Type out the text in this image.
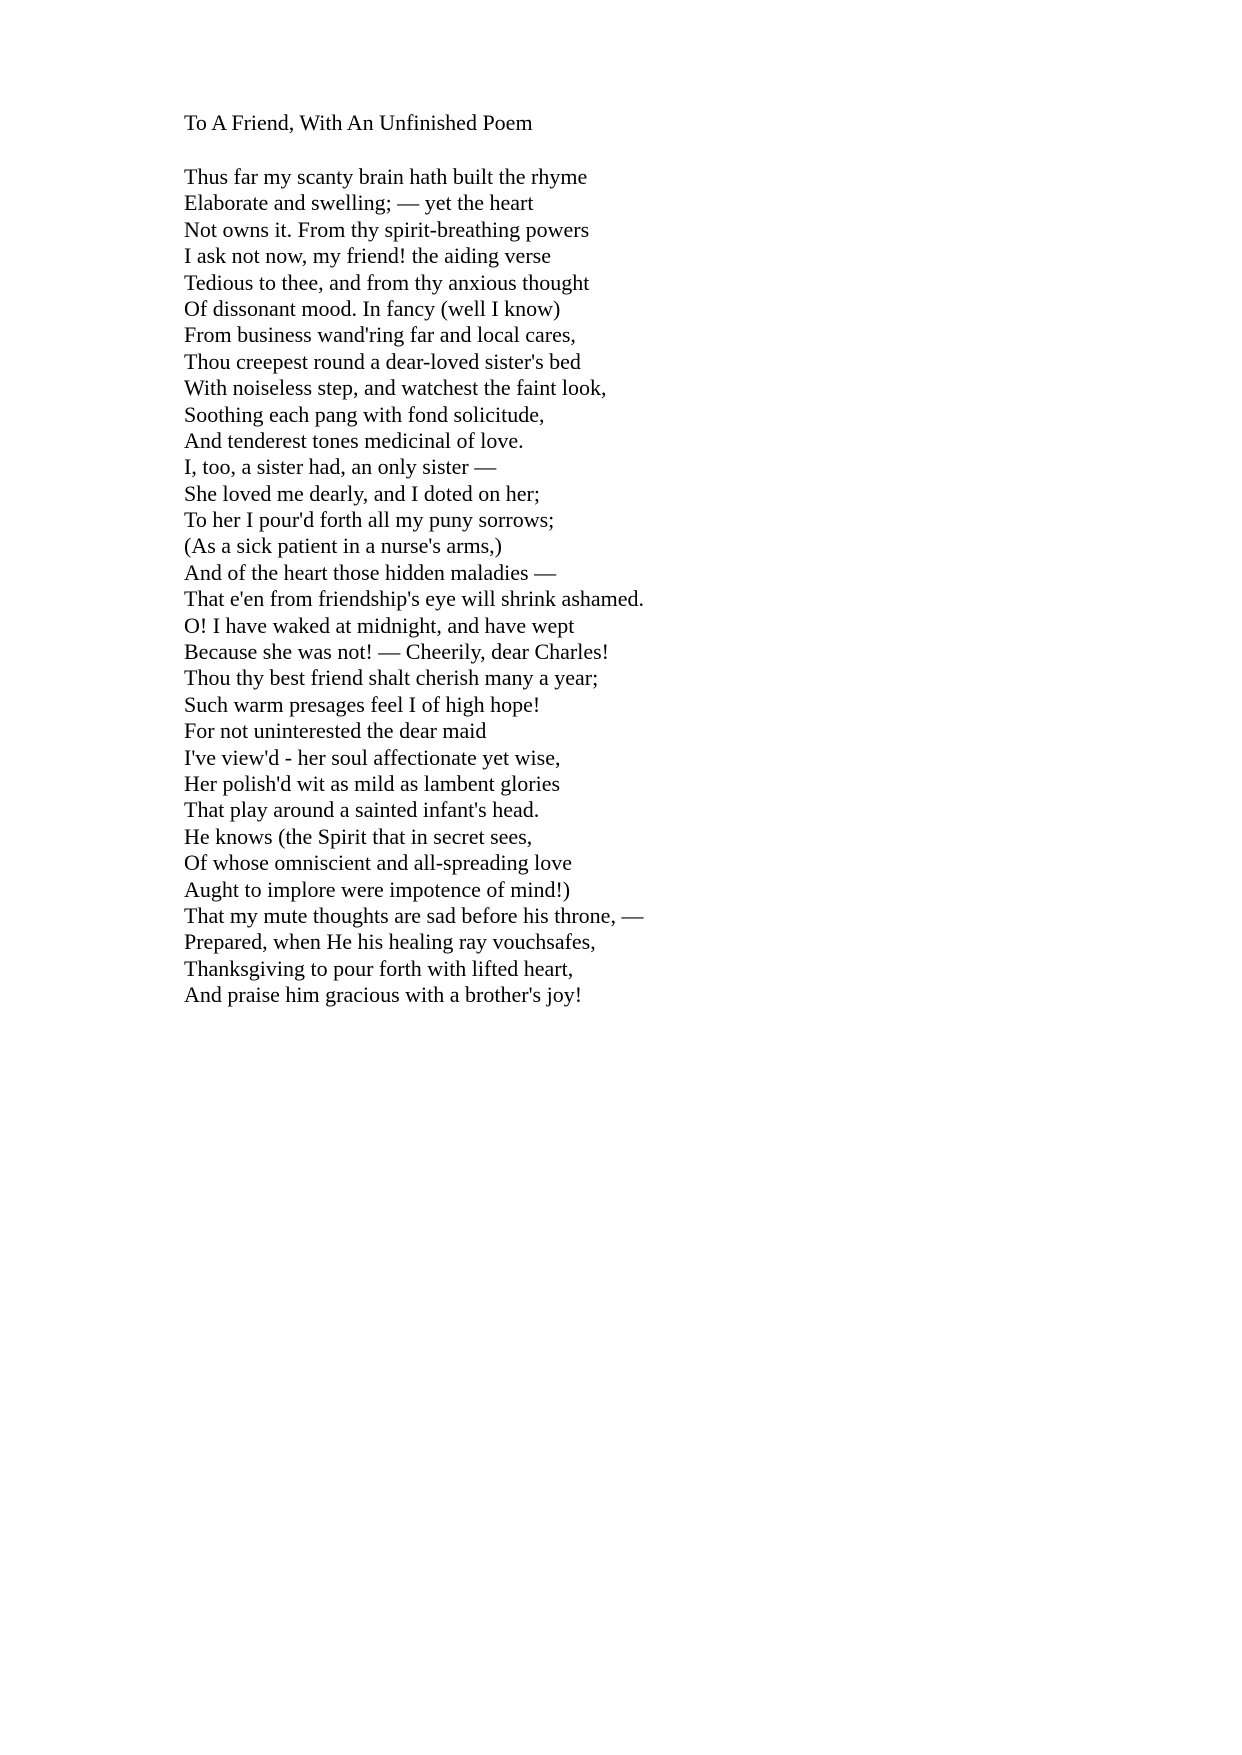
To A Friend, With An Unfinished Poem
Thus far my scanty brain hath built the rhyme
Elaborate and swelling; — yet the heart
Not owns it. From thy spirit-breathing powers
I ask not now, my friend! the aiding verse
Tedious to thee, and from thy anxious thought
Of dissonant mood. In fancy (well I know)
From business wand'ring far and local cares,
Thou creepest round a dear-loved sister's bed
With noiseless step, and watchest the faint look,
Soothing each pang with fond solicitude,
And tenderest tones medicinal of love.
I, too, a sister had, an only sister —
She loved me dearly, and I doted on her;
To her I pour'd forth all my puny sorrows;
(As a sick patient in a nurse's arms,)
And of the heart those hidden maladies —
That e'en from friendship's eye will shrink ashamed.
O! I have waked at midnight, and have wept
Because she was not! — Cheerily, dear Charles!
Thou thy best friend shalt cherish many a year;
Such warm presages feel I of high hope!
For not uninterested the dear maid
I've view'd - her soul affectionate yet wise,
Her polish'd wit as mild as lambent glories
That play around a sainted infant's head.
He knows (the Spirit that in secret sees,
Of whose omniscient and all-spreading love
Aught to implore were impotence of mind!)
That my mute thoughts are sad before his throne, —
Prepared, when He his healing ray vouchsafes,
Thanksgiving to pour forth with lifted heart,
And praise him gracious with a brother's joy!
